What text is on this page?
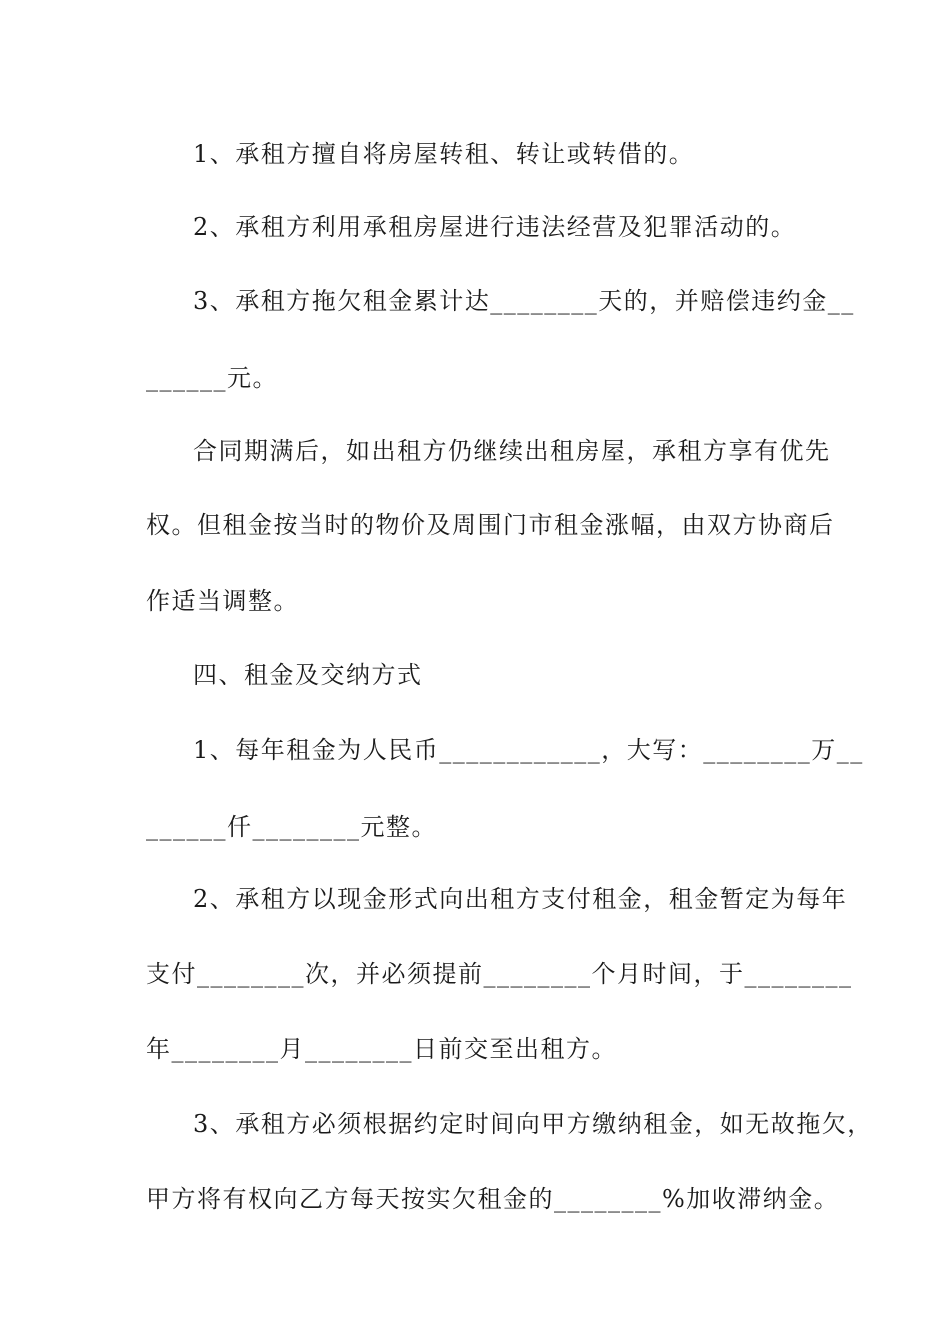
1、承租方擅自将房屋转租、转让或转借的。
2、承租方利用承租房屋进行违法经营及犯罪活动的。
3、承租方拖欠租金累计达________天的，并赔偿违约金__
______元。
合同期满后，如出租方仍继续出租房屋，承租方享有优先
权。但租金按当时的物价及周围门市租金涨幅，由双方协商后
作适当调整。
四、租金及交纳方式
1、每年租金为人民币____________，大写：________万__
______仟________元整。
2、承租方以现金形式向出租方支付租金，租金暂定为每年
支付________次，并必须提前________个月时间，于________
年________月________日前交至出租方。
3、承租方必须根据约定时间向甲方缴纳租金，如无故拖欠，
甲方将有权向乙方每天按实欠租金的________%加收滞纳金。
